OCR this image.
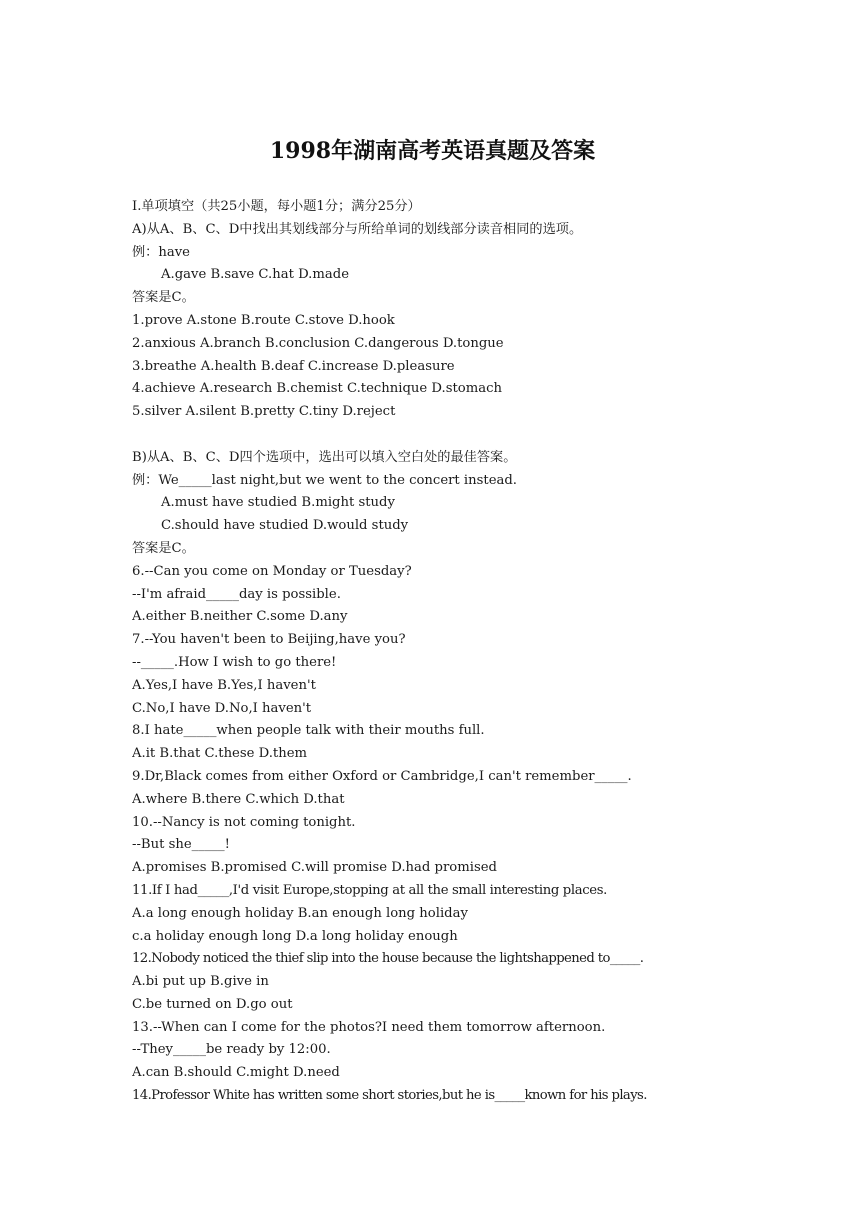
1998年湖南高考英语真题及答案
Ⅰ.单项填空（共25小题，每小题1分；满分25分）
A)从A、B、C、D中找出其划线部分与所给单词的划线部分读音相同的选项。
例：have
A.gave B.save C.hat D.made
答案是C。
1.prove A.stone B.route C.stove D.hook
2.anxious A.branch B.conclusion C.dangerous D.tongue
3.breathe A.health B.deaf C.increase D.pleasure
4.achieve A.research B.chemist C.technique D.stomach
5.silver A.silent B.pretty C.tiny D.reject
B)从A、B、C、D四个选项中，选出可以填入空白处的最佳答案。
例：We_____last night,but we went to the concert instead.
A.must have studied B.might study
C.should have studied D.would study
答案是C。
6.--Can you come on Monday or Tuesday?
--I'm afraid_____day is possible.
A.either B.neither C.some D.any
7.--You haven't been to Beijing,have you?
--_____.How I wish to go there!
A.Yes,I have B.Yes,I haven't
C.No,I have D.No,I haven't
8.I hate_____when people talk with their mouths full.
A.it B.that C.these D.them
9.Dr,Black comes from either Oxford or Cambridge,I can't remember_____.
A.where B.there C.which D.that
10.--Nancy is not coming tonight.
--But she_____!
A.promises B.promised C.will promise D.had promised
11.If I had_____,I'd visit Europe,stopping at all the small interesting places.
A.a long enough holiday B.an enough long holiday
c.a holiday enough long D.a long holiday enough
12.Nobody noticed the thief slip into the house because the lightshappened to_____.
A.bi put up B.give in
C.be turned on D.go out
13.--When can I come for the photos?I need them tomorrow afternoon.
--They_____be ready by 12:00.
A.can B.should C.might D.need
14.Professor White has written some short stories,but he is_____known for his plays.
